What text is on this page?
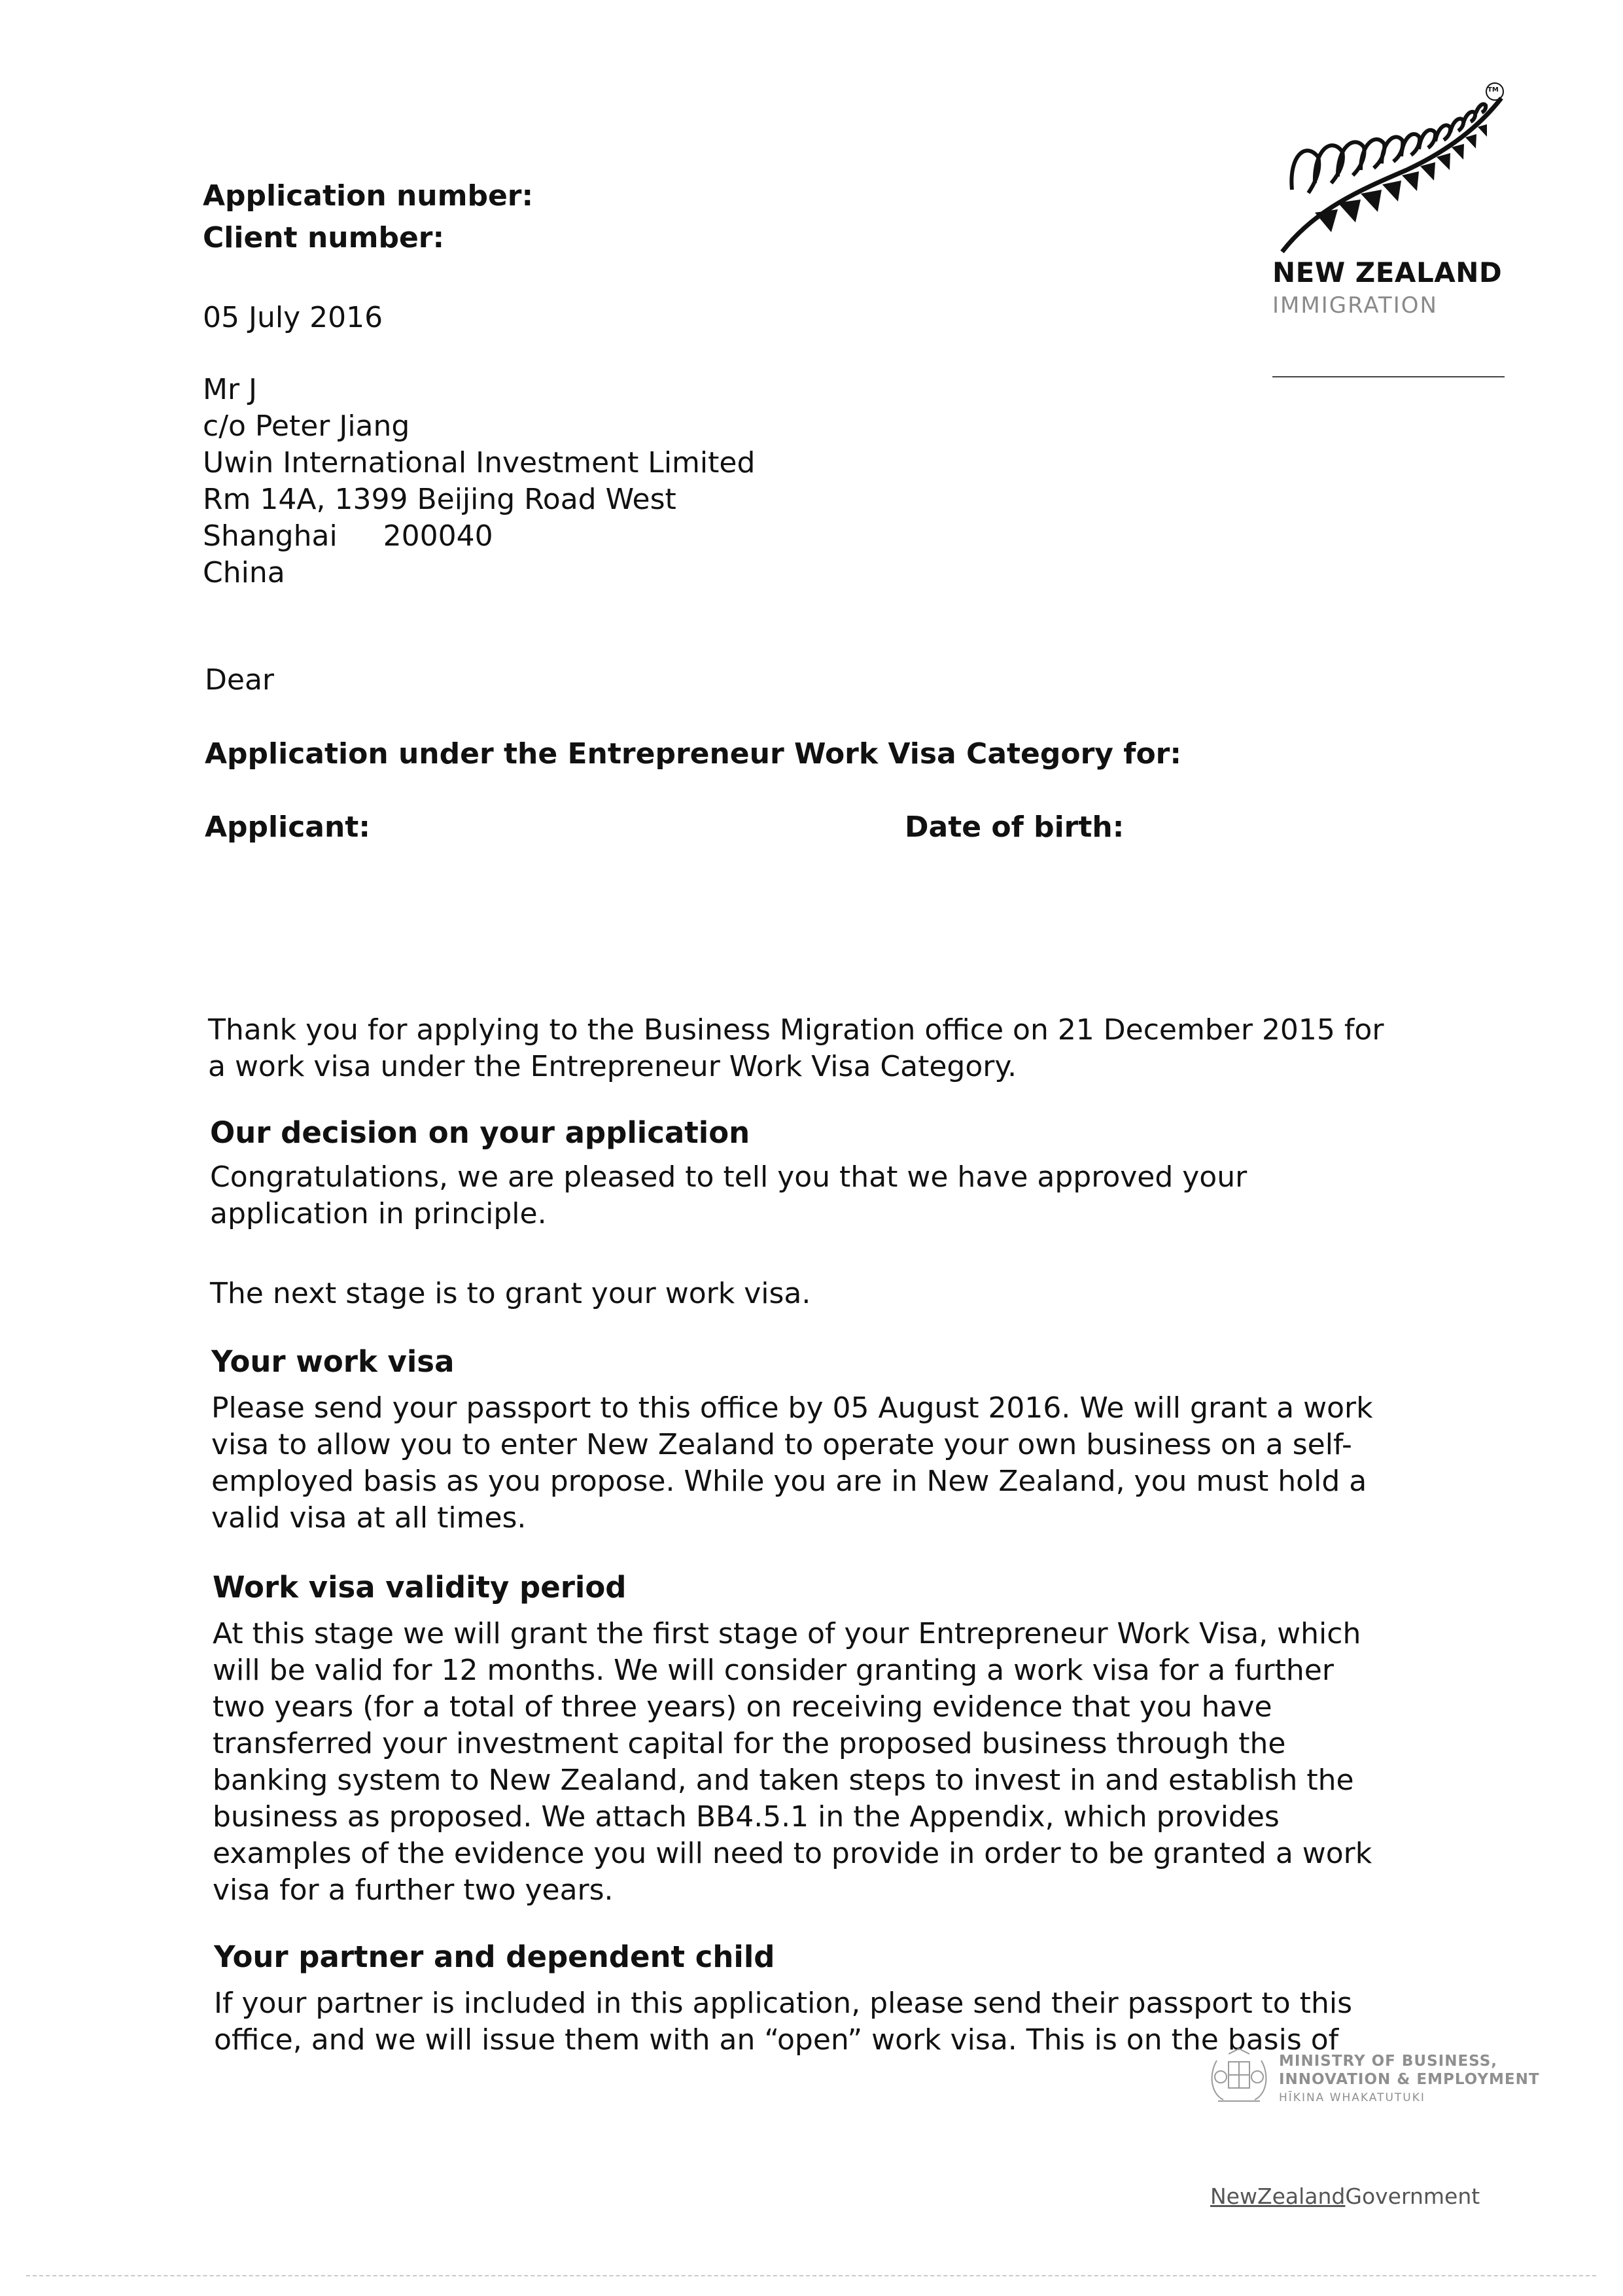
Application number:
Client number:
05 July 2016
TM
NEW ZEALAND
IMMIGRATION
Mr J
c/o Peter Jiang
Uwin International Investment Limited
Rm 14A, 1399 Beijing Road West
Shanghai     200040
China
Dear
Application under the Entrepreneur Work Visa Category for:
Applicant:	Date of birth:
Thank you for applying to the Business Migration office on 21 December 2015 for
a work visa under the Entrepreneur Work Visa Category.
Our decision on your application
Congratulations, we are pleased to tell you that we have approved your
application in principle.
The next stage is to grant your work visa.
Your work visa
Please send your passport to this office by 05 August 2016. We will grant a work
visa to allow you to enter New Zealand to operate your own business on a self-
employed basis as you propose. While you are in New Zealand, you must hold a
valid visa at all times.
Work visa validity period
At this stage we will grant the first stage of your Entrepreneur Work Visa, which
will be valid for 12 months. We will consider granting a work visa for a further
two years (for a total of three years) on receiving evidence that you have
transferred your investment capital for the proposed business through the
banking system to New Zealand, and taken steps to invest in and establish the
business as proposed. We attach BB4.5.1 in the Appendix, which provides
examples of the evidence you will need to provide in order to be granted a work
visa for a further two years.
Your partner and dependent child
If your partner is included in this application, please send their passport to this
office, and we will issue them with an “open” work visa. This is on the basis of
MINISTRY OF BUSINESS,
INNOVATION & EMPLOYMENT
HĪKINA WHAKATUTUKI
NewZealandGovernment
